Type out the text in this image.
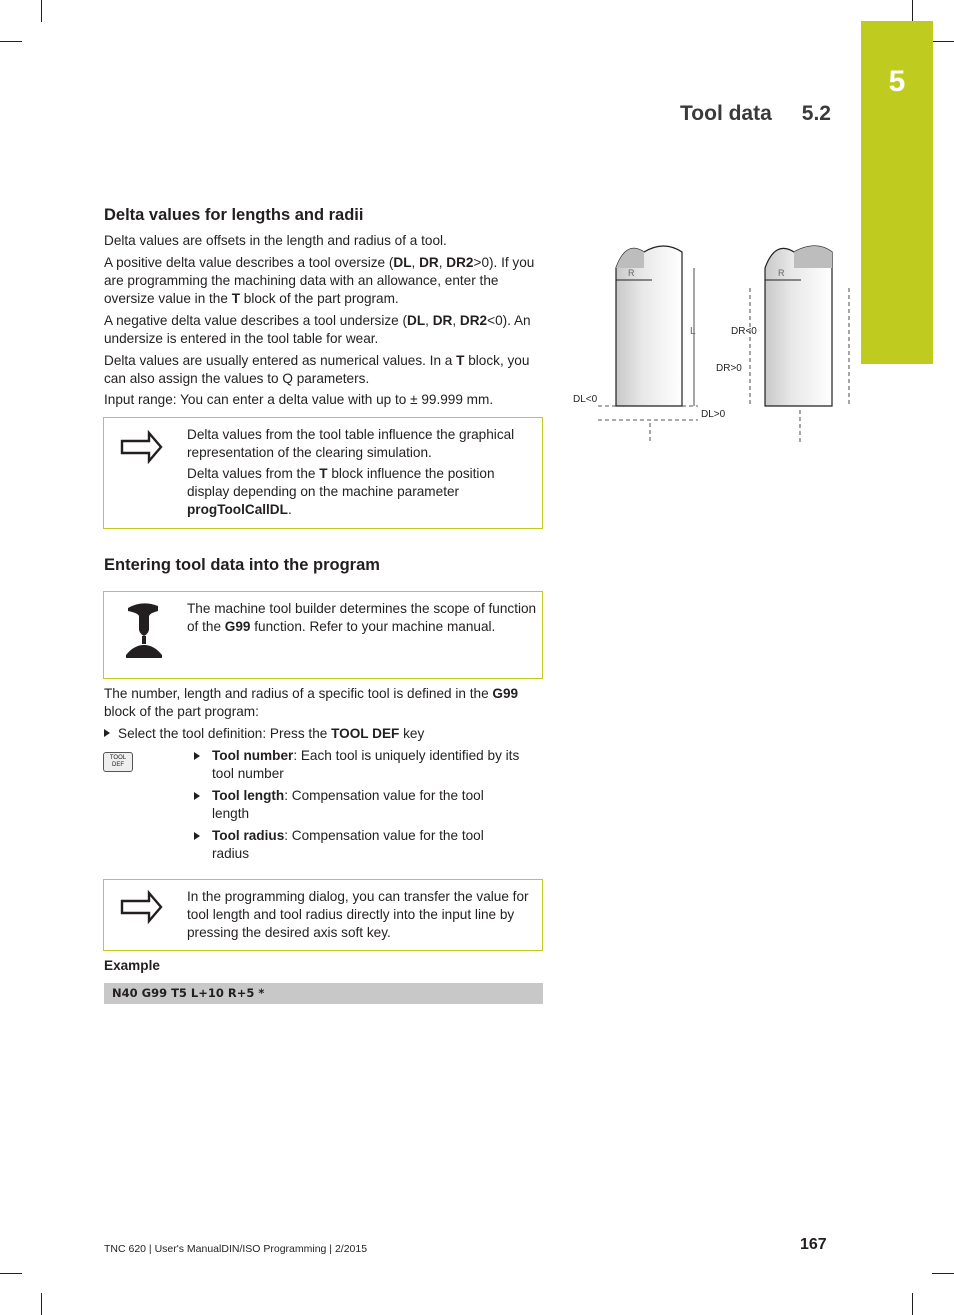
5
Tool data 5.2
Delta values for lengths and radii

Delta values are offsets in the length and radius of a tool.

A positive delta value describes a tool oversize (DL, DR, DR2>0). If you are programming the machining data with an allowance, enter the oversize value in the T block of the part program.

A negative delta value describes a tool undersize (DL, DR, DR2<0). An undersize is entered in the tool table for wear.

Delta values are usually entered as numerical values. In a T block, you can also assign the values to Q parameters.

Input range: You can enter a delta value with up to ± 99.999 mm.

Delta values from the tool table influence the graphical representation of the clearing simulation.

Delta values from the T block influence the position display depending on the machine parameter progToolCallDL.

Entering tool data into the program

The machine tool builder determines the scope of function of the G99 function. Refer to your machine manual.

The number, length and radius of a specific tool is defined in the G99 block of the part program:

Select the tool definition: Press the TOOL DEF key
TOOL
DEF
Tool number: Each tool is uniquely identified by its tool number
Tool length: Compensation value for the tool length
Tool radius: Compensation value for the tool radius

In the programming dialog, you can transfer the value for tool length and tool radius directly into the input line by pressing the desired axis soft key.

Example
N40 G99 T5 L+10 R+5 *
R
L
DL<0
DL>0
R
DR<0
DR>0
TNC 620 | User's ManualDIN/ISO Programming | 2/2015	167
